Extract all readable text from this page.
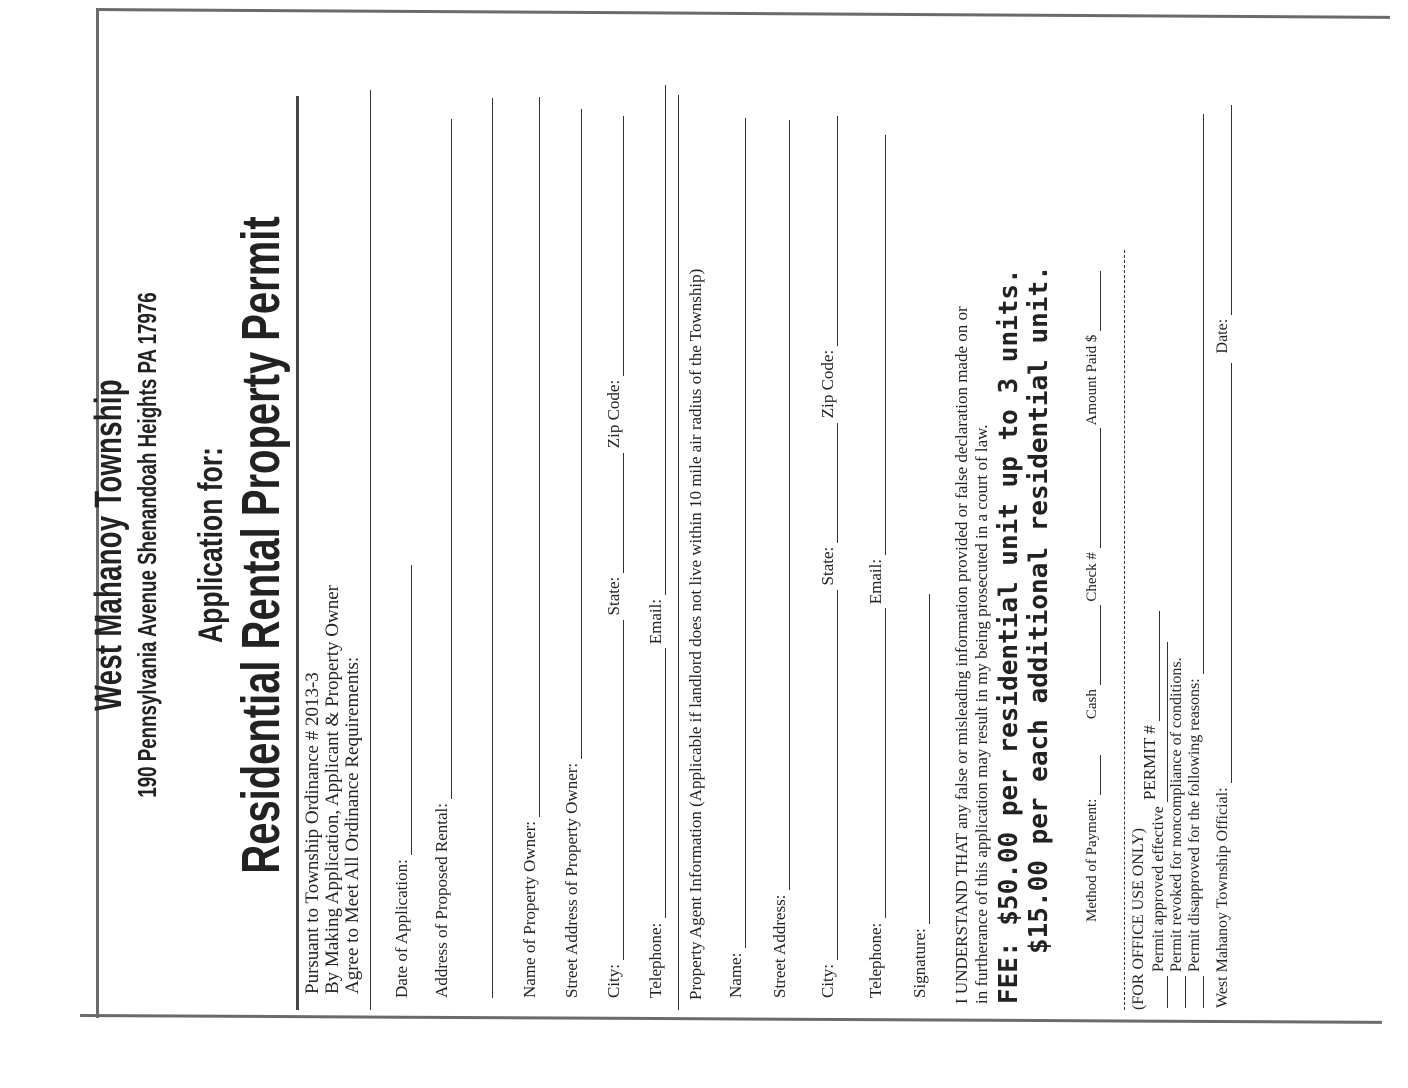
West Mahanoy Township 190 Pennsylvania Avenue Shenandoah Heights PA 17976 Application for: Residential Rental Property Permit Pursuant to Township Ordinance # 2013-3 By Making Application, Applicant & Property Owner Agree to Meet All Ordinance Requirements: Date of Application: Address of Proposed Rental:	Name of Property Owner: Street Address of Property Owner: City:  State:  Zip Code:
Telephone:  Email: Property Agent Information (Applicable if landlord does not live within 10 mile air radius of the Township) Name: Street Address: City:  State:  Zip Code:
Telephone:  Email:
Signature: I UNDERSTAND THAT any false or misleading information provided or false declaration made on or in furtherance of this application may result in my being prosecuted in a court of law. FEE: $50.00 per residential unit up to 3 units. $15.00 per each additional residential unit. Method of Payment:  Cash  Check #  Amount Paid $
(FOR OFFICE USE ONLY)
PERMIT #
Permit approved effective Permit revoked for noncompliance of conditions. Permit disapproved for the following reasons: West Mahanoy Township Official:  Date:
